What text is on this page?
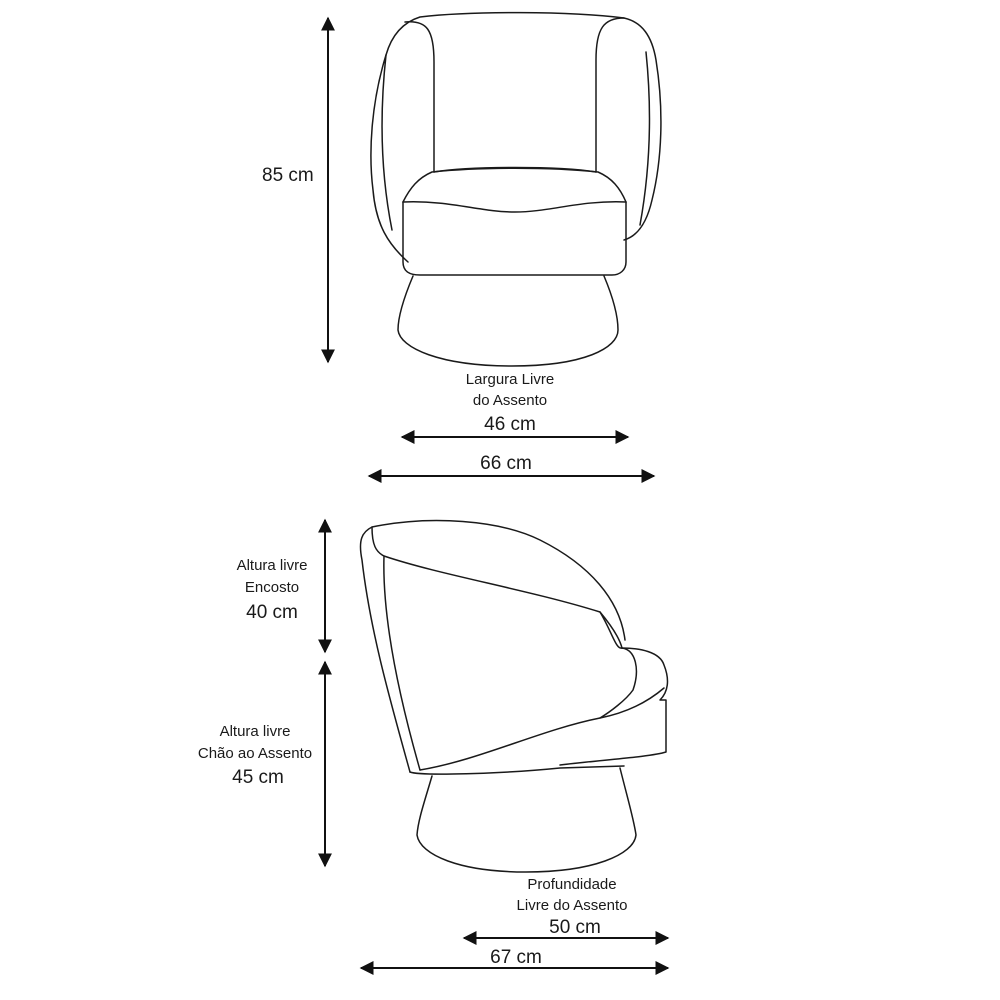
85 cm
Largura Livre
do Assento
46 cm
66 cm
Altura livre
Encosto
40 cm
Altura livre
Chão ao Assento
45 cm
Profundidade
Livre do Assento
50 cm
67 cm
